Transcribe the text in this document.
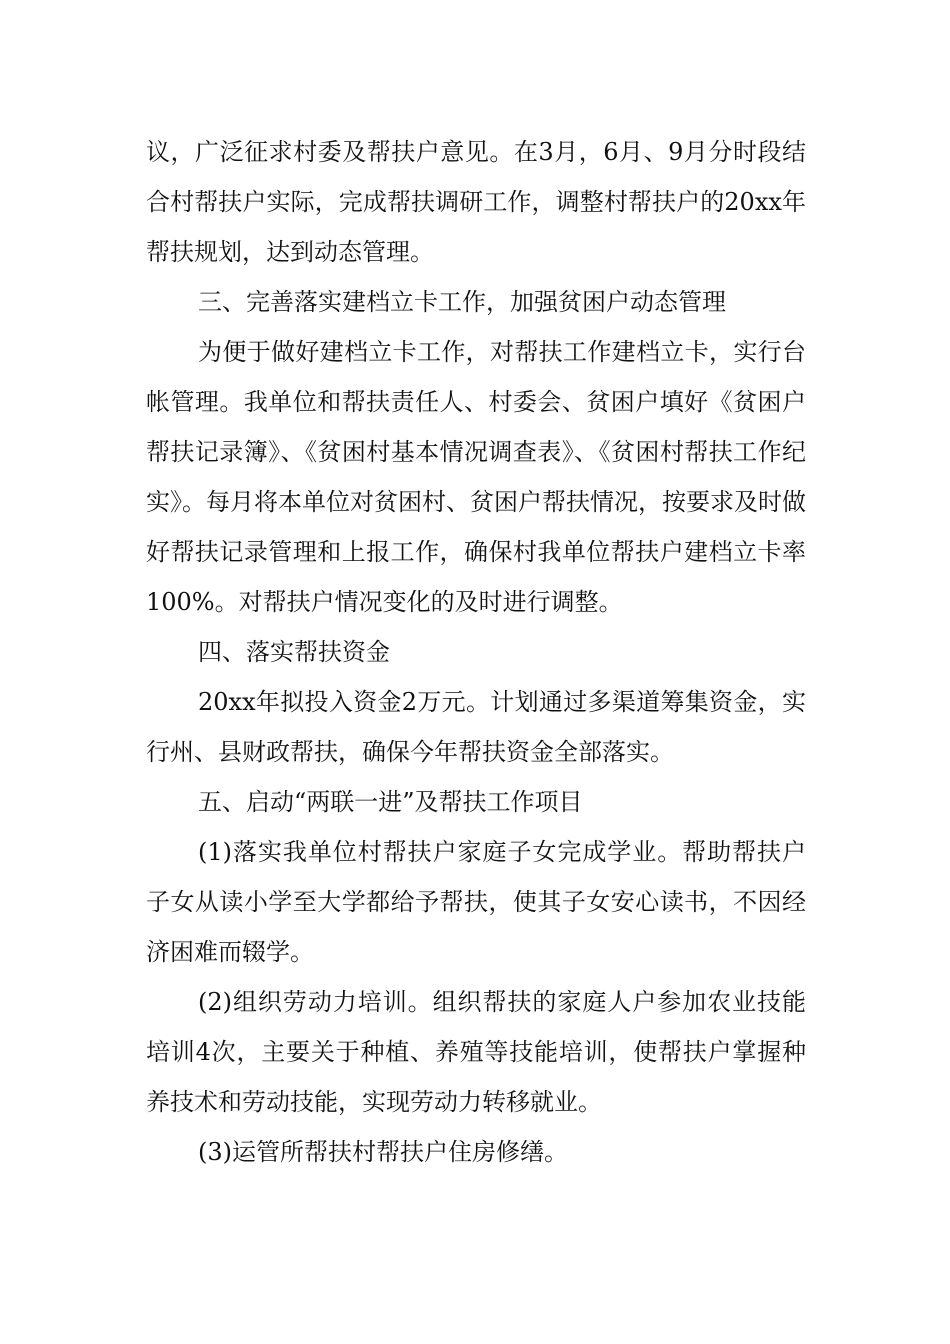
议，广泛征求村委及帮扶户意见。在3月，6月、9月分时段结合村帮扶户实际，完成帮扶调研工作，调整村帮扶户的20xx年帮扶规划，达到动态管理。

三、完善落实建档立卡工作，加强贫困户动态管理

为便于做好建档立卡工作，对帮扶工作建档立卡，实行台帐管理。我单位和帮扶责任人、村委会、贫困户填好《贫困户帮扶记录簿》、《贫困村基本情况调查表》、《贫困村帮扶工作纪实》。每月将本单位对贫困村、贫困户帮扶情况，按要求及时做好帮扶记录管理和上报工作，确保村我单位帮扶户建档立卡率100%。对帮扶户情况变化的及时进行调整。

四、落实帮扶资金

20xx年拟投入资金2万元。计划通过多渠道筹集资金，实行州、县财政帮扶，确保今年帮扶资金全部落实。

五、启动“两联一进”及帮扶工作项目

(1)落实我单位村帮扶户家庭子女完成学业。帮助帮扶户子女从读小学至大学都给予帮扶，使其子女安心读书，不因经济困难而辍学。

(2)组织劳动力培训。组织帮扶的家庭人户参加农业技能培训4次，主要关于种植、养殖等技能培训，使帮扶户掌握种养技术和劳动技能，实现劳动力转移就业。

(3)运管所帮扶村帮扶户住房修缮。
